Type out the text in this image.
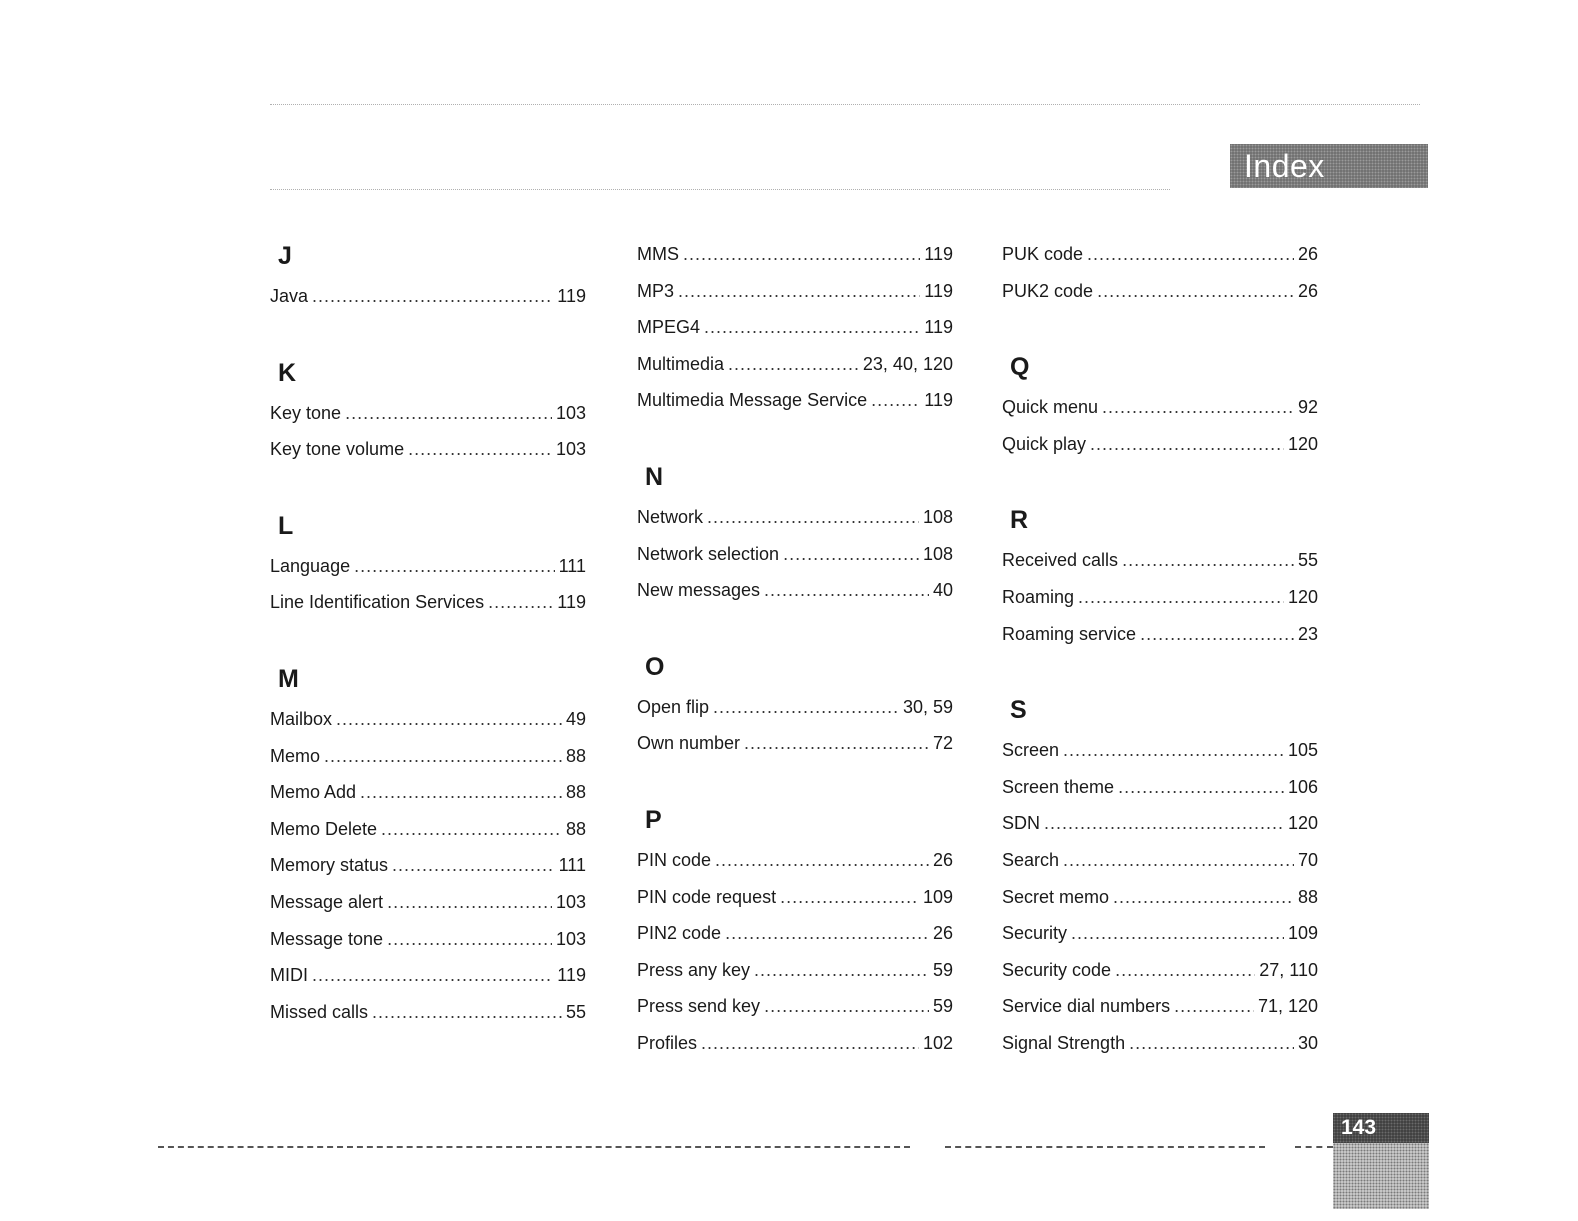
Index
J
Java .....	119
K
Key tone .....	103
Key tone volume .....	103
L
Language .....	111
Line Identification Services .....	119
M
Mailbox .....	49
Memo .....	88
Memo Add .....	88
Memo Delete .....	88
Memory status .....	111
Message alert .....	103
Message tone .....	103
MIDI .....	119
Missed calls .....	55
MMS .....	119
MP3 .....	119
MPEG4 .....	119
Multimedia .....	23, 40, 120
Multimedia Message Service .....	119
N
Network .....	108
Network selection .....	108
New messages .....	40
O
Open flip .....	30, 59
Own number .....	72
P
PIN code .....	26
PIN code request .....	109
PIN2 code .....	26
Press any key .....	59
Press send key .....	59
Profiles .....	102
PUK code .....	26
PUK2 code .....	26
Q
Quick menu .....	92
Quick play .....	120
R
Received calls .....	55
Roaming .....	120
Roaming service .....	23
S
Screen .....	105
Screen theme .....	106
SDN .....	120
Search .....	70
Secret memo .....	88
Security .....	109
Security code .....	27, 110
Service dial numbers .....	71, 120
Signal Strength .....	30
143
